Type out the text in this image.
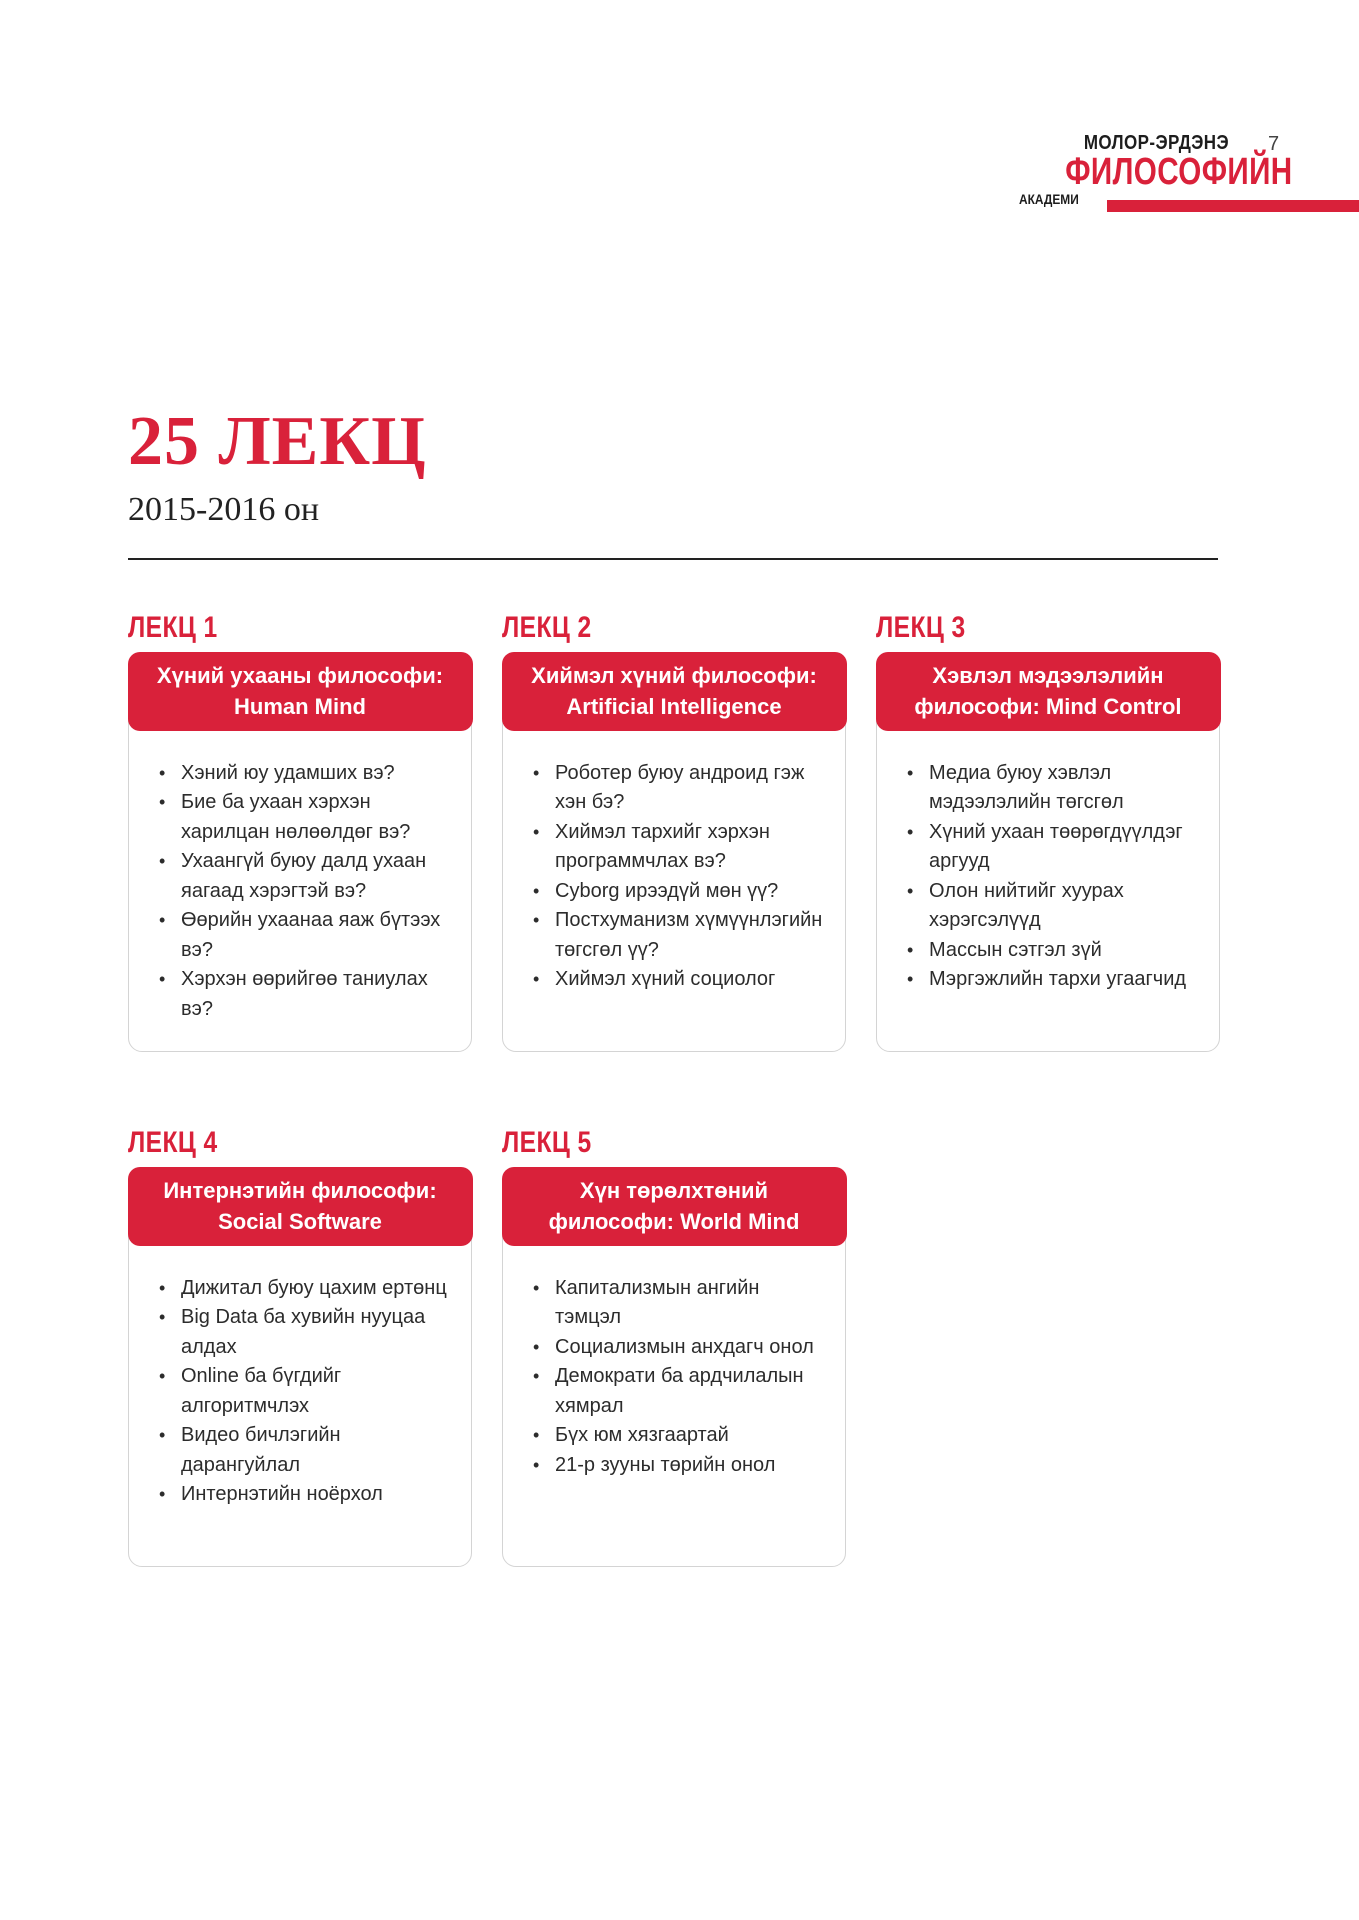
МОЛОР-ЭРДЭНЭ
ФИЛОСОФИЙН
АКАДЕМИ
7
25 ЛЕКЦ
2015-2016 он
ЛЕКЦ 1
Хүний ухааны философи:
Human Mind
• Хэний юу удамших вэ?
• Бие ба ухаан хэрхэн харилцан нөлөөлдөг вэ?
• Ухаангүй буюу далд ухаан яагаад хэрэгтэй вэ?
• Өөрийн ухаанаа яаж бүтээх вэ?
• Хэрхэн өөрийгөө таниулах вэ?
ЛЕКЦ 2
Хиймэл хүний философи:
Artificial Intelligence
• Роботер буюу андроид гэж хэн бэ?
• Хиймэл тархийг хэрхэн программчлах вэ?
• Cyborg ирээдүй мөн үү?
• Постхуманизм хүмүүнлэгийн төгсгөл үү?
• Хиймэл хүний социолог
ЛЕКЦ 3
Хэвлэл мэдээлэлийн
философи: Mind Control
• Медиа буюу хэвлэл мэдээлэлийн төгсгөл
• Хүний ухаан төөрөгдүүлдэг аргууд
• Олон нийтийг хуурах хэрэгсэлүүд
• Массын сэтгэл зүй
• Мэргэжлийн тархи угаагчид
ЛЕКЦ 4
Интернэтийн философи:
Social Software
• Дижитал буюу цахим ертөнц
• Big Data ба хувийн нууцаа алдах
• Online ба бүгдийг алгоритмчлэх
• Видео бичлэгийн дарангуйлал
• Интернэтийн ноёрхол
ЛЕКЦ 5
Хүн төрөлхтөний
философи: World Mind
• Капитализмын ангийн тэмцэл
• Социализмын анхдагч онол
• Демократи ба ардчилалын хямрал
• Бүх юм хязгаартай
• 21-р зууны төрийн онол
